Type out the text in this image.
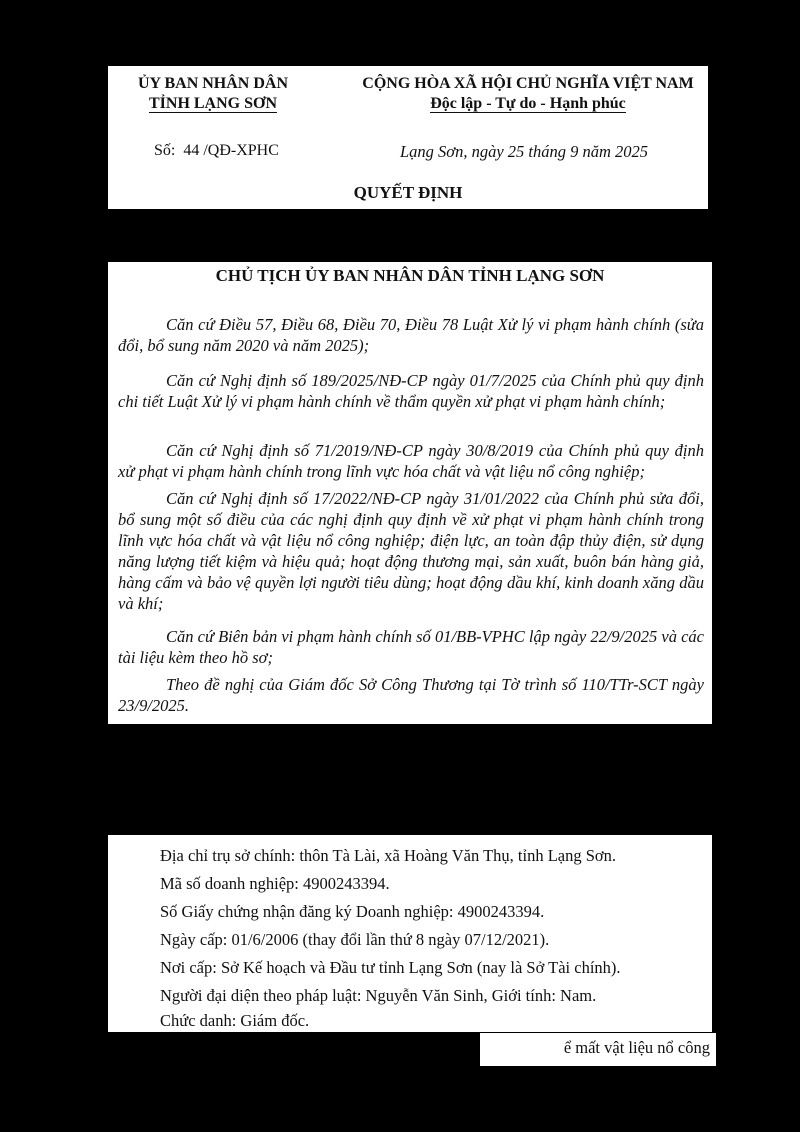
ỦY BAN NHÂN DÂN
TỈNH LẠNG SƠN
CỘNG HÒA XÃ HỘI CHỦ NGHĨA VIỆT NAM
Độc lập - Tự do - Hạnh phúc
Số: 44 /QĐ-XPHC	Lạng Sơn, ngày 25 tháng 9 năm 2025
QUYẾT ĐỊNH
CHỦ TỊCH ỦY BAN NHÂN DÂN TỈNH LẠNG SƠN
Căn cứ Điều 57, Điều 68, Điều 70, Điều 78 Luật Xử lý vi phạm hành chính (sửa đổi, bổ sung năm 2020 và năm 2025);
Căn cứ Nghị định số 189/2025/NĐ-CP ngày 01/7/2025 của Chính phủ quy định chi tiết Luật Xử lý vi phạm hành chính về thẩm quyền xử phạt vi phạm hành chính;
Căn cứ Nghị định số 71/2019/NĐ-CP ngày 30/8/2019 của Chính phủ quy định xử phạt vi phạm hành chính trong lĩnh vực hóa chất và vật liệu nổ công nghiệp;
Căn cứ Nghị định số 17/2022/NĐ-CP ngày 31/01/2022 của Chính phủ sửa đổi, bổ sung một số điều của các nghị định quy định về xử phạt vi phạm hành chính trong lĩnh vực hóa chất và vật liệu nổ công nghiệp; điện lực, an toàn đập thủy điện, sử dụng năng lượng tiết kiệm và hiệu quả; hoạt động thương mại, sản xuất, buôn bán hàng giả, hàng cấm và bảo vệ quyền lợi người tiêu dùng; hoạt động dầu khí, kinh doanh xăng dầu và khí;
Căn cứ Biên bản vi phạm hành chính số 01/BB-VPHC lập ngày 22/9/2025 và các tài liệu kèm theo hồ sơ;
Theo đề nghị của Giám đốc Sở Công Thương tại Tờ trình số 110/TTr-SCT ngày 23/9/2025.
Địa chỉ trụ sở chính: thôn Tà Lài, xã Hoàng Văn Thụ, tỉnh Lạng Sơn.
Mã số doanh nghiệp: 4900243394.
Số Giấy chứng nhận đăng ký Doanh nghiệp: 4900243394.
Ngày cấp: 01/6/2006 (thay đổi lần thứ 8 ngày 07/12/2021).
Nơi cấp: Sở Kế hoạch và Đầu tư tỉnh Lạng Sơn (nay là Sở Tài chính).
Người đại diện theo pháp luật: Nguyễn Văn Sinh, Giới tính: Nam.
Chức danh: Giám đốc.
ể mất vật liệu nổ công
